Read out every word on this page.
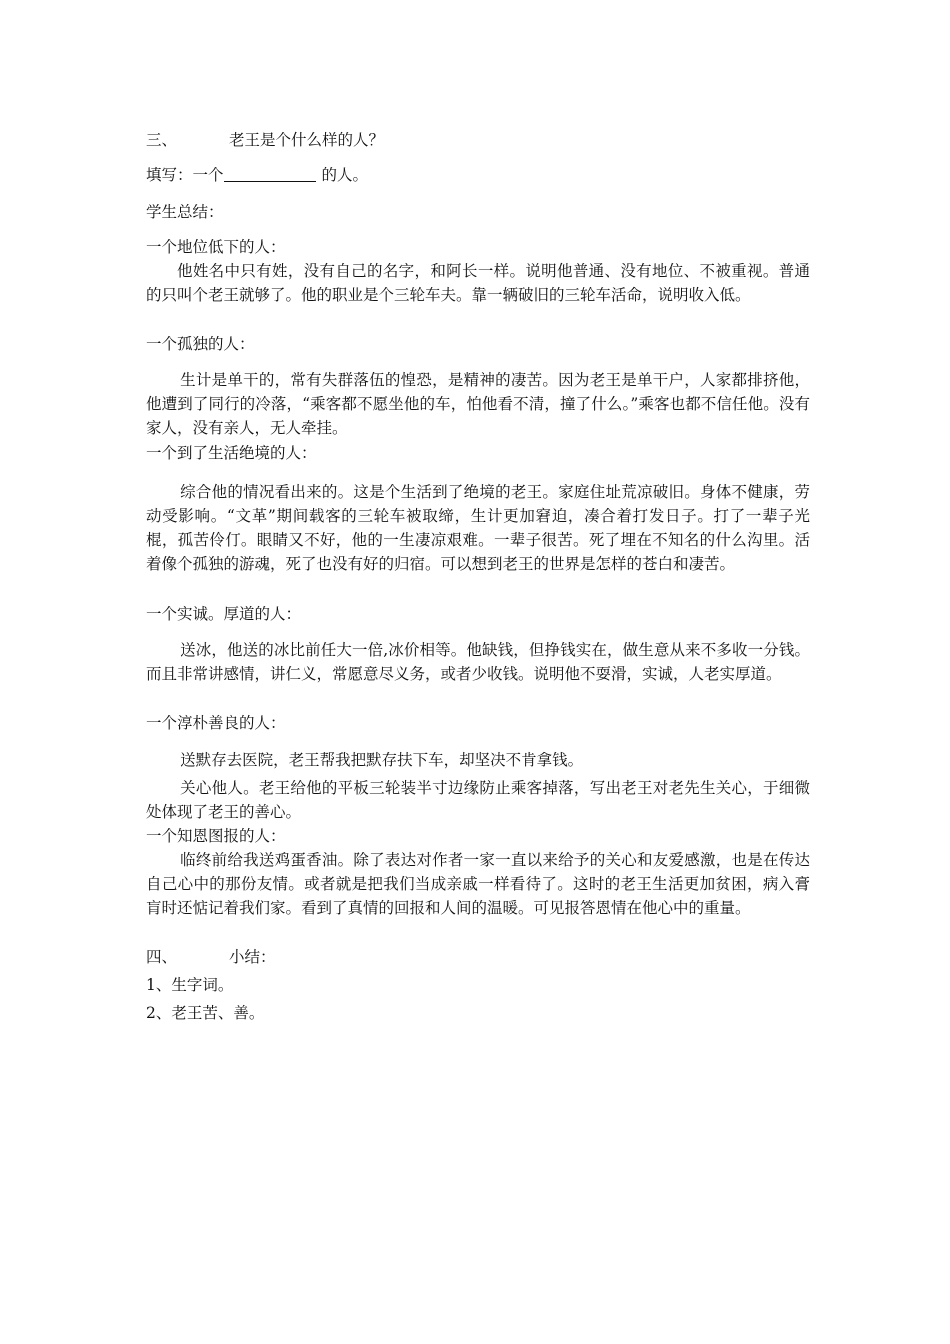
三、	老王是个什么样的人？
填写：一个	的人。
学生总结：
一个地位低下的人：
他姓名中只有姓，没有自己的名字，和阿长一样。说明他普通、没有地位、不被重视。普通的只叫个老王就够了。他的职业是个三轮车夫。靠一辆破旧的三轮车活命，说明收入低。
一个孤独的人：
生计是单干的，常有失群落伍的惶恐，是精神的凄苦。因为老王是单干户，人家都排挤他，他遭到了同行的冷落，“乘客都不愿坐他的车，怕他看不清，撞了什么。”乘客也都不信任他。没有家人，没有亲人，无人牵挂。
一个到了生活绝境的人：
综合他的情况看出来的。这是个生活到了绝境的老王。家庭住址荒凉破旧。身体不健康，劳动受影响。“文革”期间载客的三轮车被取缔，生计更加窘迫，凑合着打发日子。打了一辈子光棍，孤苦伶仃。眼睛又不好，他的一生凄凉艰难。一辈子很苦。死了埋在不知名的什么沟里。活着像个孤独的游魂，死了也没有好的归宿。可以想到老王的世界是怎样的苍白和凄苦。
一个实诚。厚道的人：
送冰，他送的冰比前任大一倍,冰价相等。他缺钱，但挣钱实在，做生意从来不多收一分钱。而且非常讲感情，讲仁义，常愿意尽义务，或者少收钱。说明他不耍滑，实诚，人老实厚道。
一个淳朴善良的人：
送默存去医院，老王帮我把默存扶下车，却坚决不肯拿钱。
关心他人。老王给他的平板三轮装半寸边缘防止乘客掉落，写出老王对老先生关心，于细微处体现了老王的善心。
一个知恩图报的人：
临终前给我送鸡蛋香油。除了表达对作者一家一直以来给予的关心和友爱感激，也是在传达自己心中的那份友情。或者就是把我们当成亲戚一样看待了。这时的老王生活更加贫困，病入膏肓时还惦记着我们家。看到了真情的回报和人间的温暖。可见报答恩情在他心中的重量。
四、	小结：
1、生字词。
2、老王苦、善。
